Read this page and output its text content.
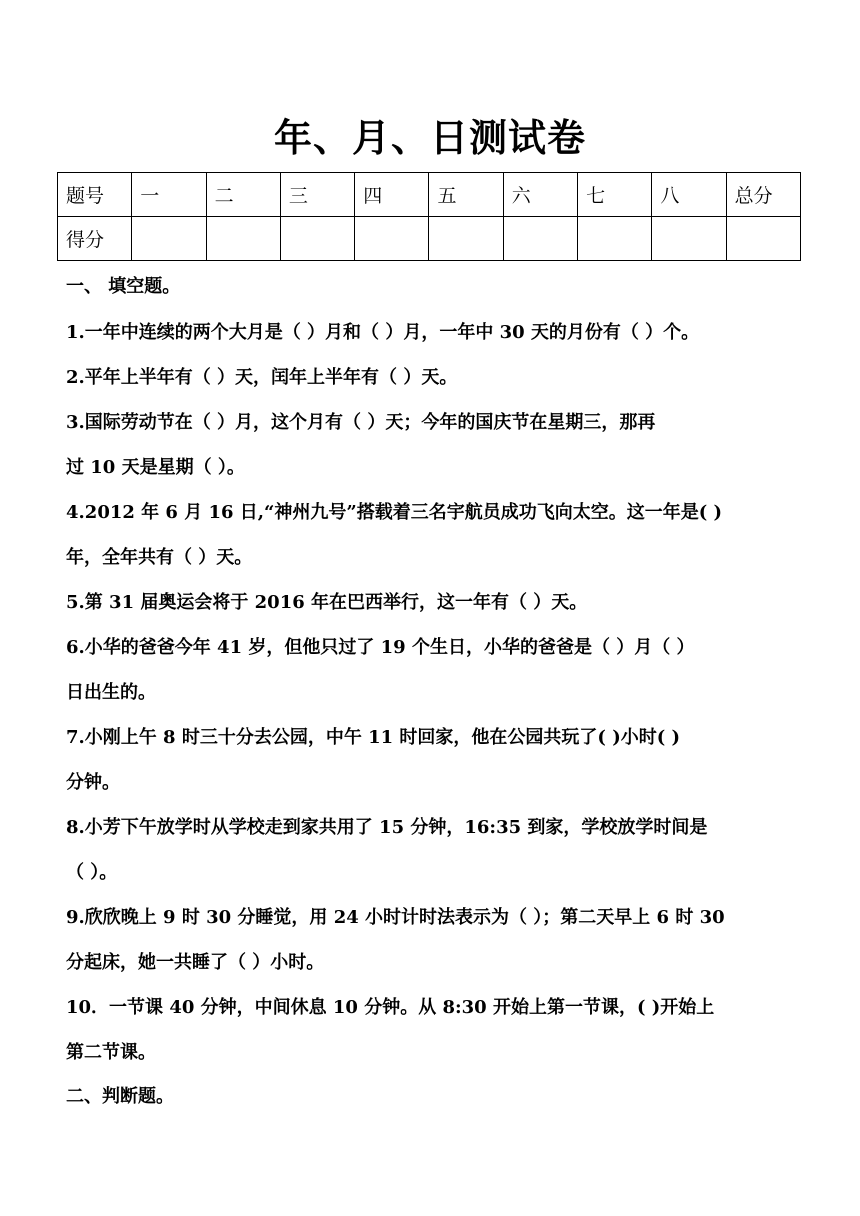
年、月、日测试卷
题号	一	二	三	四	五	六	七	八	总分
得分									
一、 填空题。
1.一年中连续的两个大月是（ ）月和（ ）月，一年中 30 天的月份有（ ）个。
2.平年上半年有（ ）天，闰年上半年有（ ）天。
3.国际劳动节在（ ）月，这个月有（ ）天；今年的国庆节在星期三，那再
过 10 天是星期（ ）。
4.2012 年 6 月 16 日,“神州九号”搭载着三名宇航员成功飞向太空。这一年是( )
年，全年共有（ ）天。
5.第 31 届奥运会将于 2016 年在巴西举行，这一年有（ ）天。
6.小华的爸爸今年 41 岁，但他只过了 19 个生日，小华的爸爸是（ ）月（ ）
日出生的。
7.小刚上午 8 时三十分去公园，中午 11 时回家，他在公园共玩了( )小时( )
分钟。
8.小芳下午放学时从学校走到家共用了 15 分钟，16:35 到家，学校放学时间是
（ ）。
9.欣欣晚上 9 时 30 分睡觉，用 24 小时计时法表示为（ ）；第二天早上 6 时 30
分起床，她一共睡了（ ）小时。
10．一节课 40 分钟，中间休息 10 分钟。从 8:30 开始上第一节课，( )开始上
第二节课。
二、判断题。
